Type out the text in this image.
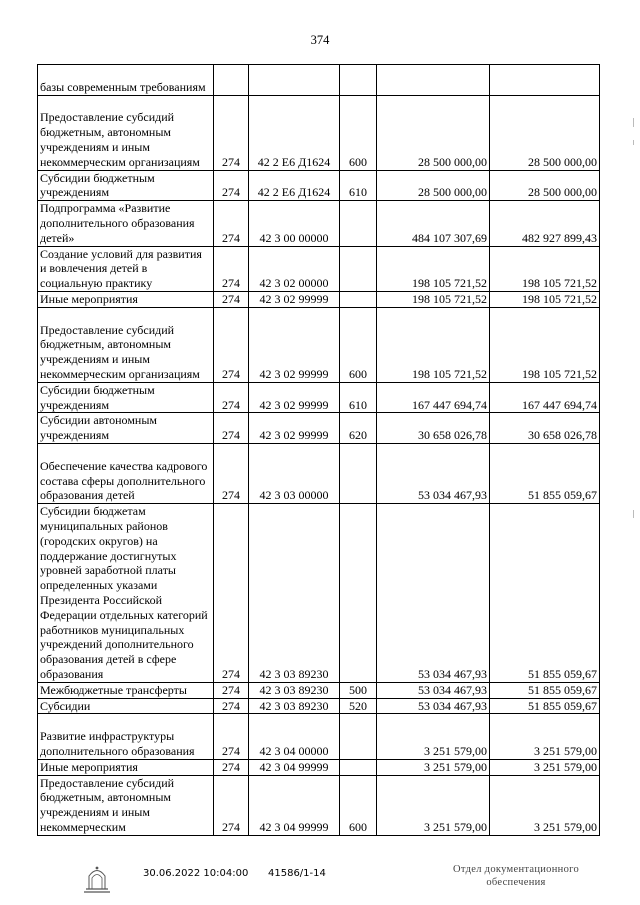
374
базы современным требованиям					
Предоставление субсидий бюджетным, автономным учреждениям и иным некоммерческим организациям	274	42 2 Е6 Д1624	600	28 500 000,00	28 500 000,00
Субсидии бюджетным учреждениям	274	42 2 Е6 Д1624	610	28 500 000,00	28 500 000,00
Подпрограмма «Развитие дополнительного образования детей»	274	42 3 00 00000		484 107 307,69	482 927 899,43
Создание условий для развития и вовлечения детей в социальную практику	274	42 3 02 00000		198 105 721,52	198 105 721,52
Иные мероприятия	274	42 3 02 99999		198 105 721,52	198 105 721,52
Предоставление субсидий бюджетным, автономным учреждениям и иным некоммерческим организациям	274	42 3 02 99999	600	198 105 721,52	198 105 721,52
Субсидии бюджетным учреждениям	274	42 3 02 99999	610	167 447 694,74	167 447 694,74
Субсидии автономным учреждениям	274	42 3 02 99999	620	30 658 026,78	30 658 026,78
Обеспечение качества кадрового состава сферы дополнительного образования детей	274	42 3 03 00000		53 034 467,93	51 855 059,67
Субсидии бюджетам муниципальных районов (городских округов) на поддержание достигнутых уровней заработной платы определенных указами Президента Российской Федерации отдельных категорий работников муниципальных учреждений дополнительного образования детей в сфере образования	274	42 3 03 89230		53 034 467,93	51 855 059,67
Межбюджетные трансферты	274	42 3 03 89230	500	53 034 467,93	51 855 059,67
Субсидии	274	42 3 03 89230	520	53 034 467,93	51 855 059,67
Развитие инфраструктуры дополнительного образования	274	42 3 04 00000		3 251 579,00	3 251 579,00
Иные мероприятия	274	42 3 04 99999		3 251 579,00	3 251 579,00
Предоставление субсидий бюджетным, автономным учреждениям и иным некоммерческим	274	42 3 04 99999	600	3 251 579,00	3 251 579,00
30.06.2022 10:04:00 41586/1-14	Отдел документационного
обеспечения
